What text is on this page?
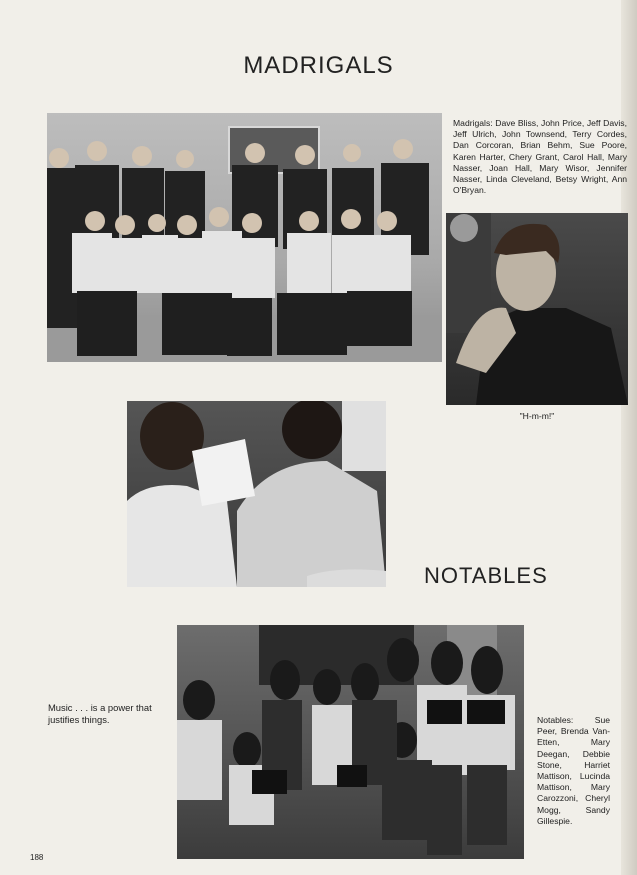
MADRIGALS

Madrigals: Dave Bliss, John Price, Jeff Davis, Jeff Ulrich, John Townsend, Terry Cordes, Dan Corcoran, Brian Behm, Sue Poore, Karen Harter, Chery Grant, Carol Hall, Mary Nasser, Joan Hall, Mary Wisor, Jennifer Nasser, Linda Cleveland, Betsy Wright, Ann O'Bryan.

"H-m-m!"

NOTABLES

Music . . . is a power that justifies things.	Notables: Sue Peer, Brenda Van-Etten, Mary Deegan, Debbie Stone, Harriet Mattison, Lucinda Mattison, Mary Carozzoni, Cheryl Mogg, Sandy Gillespie.

188
